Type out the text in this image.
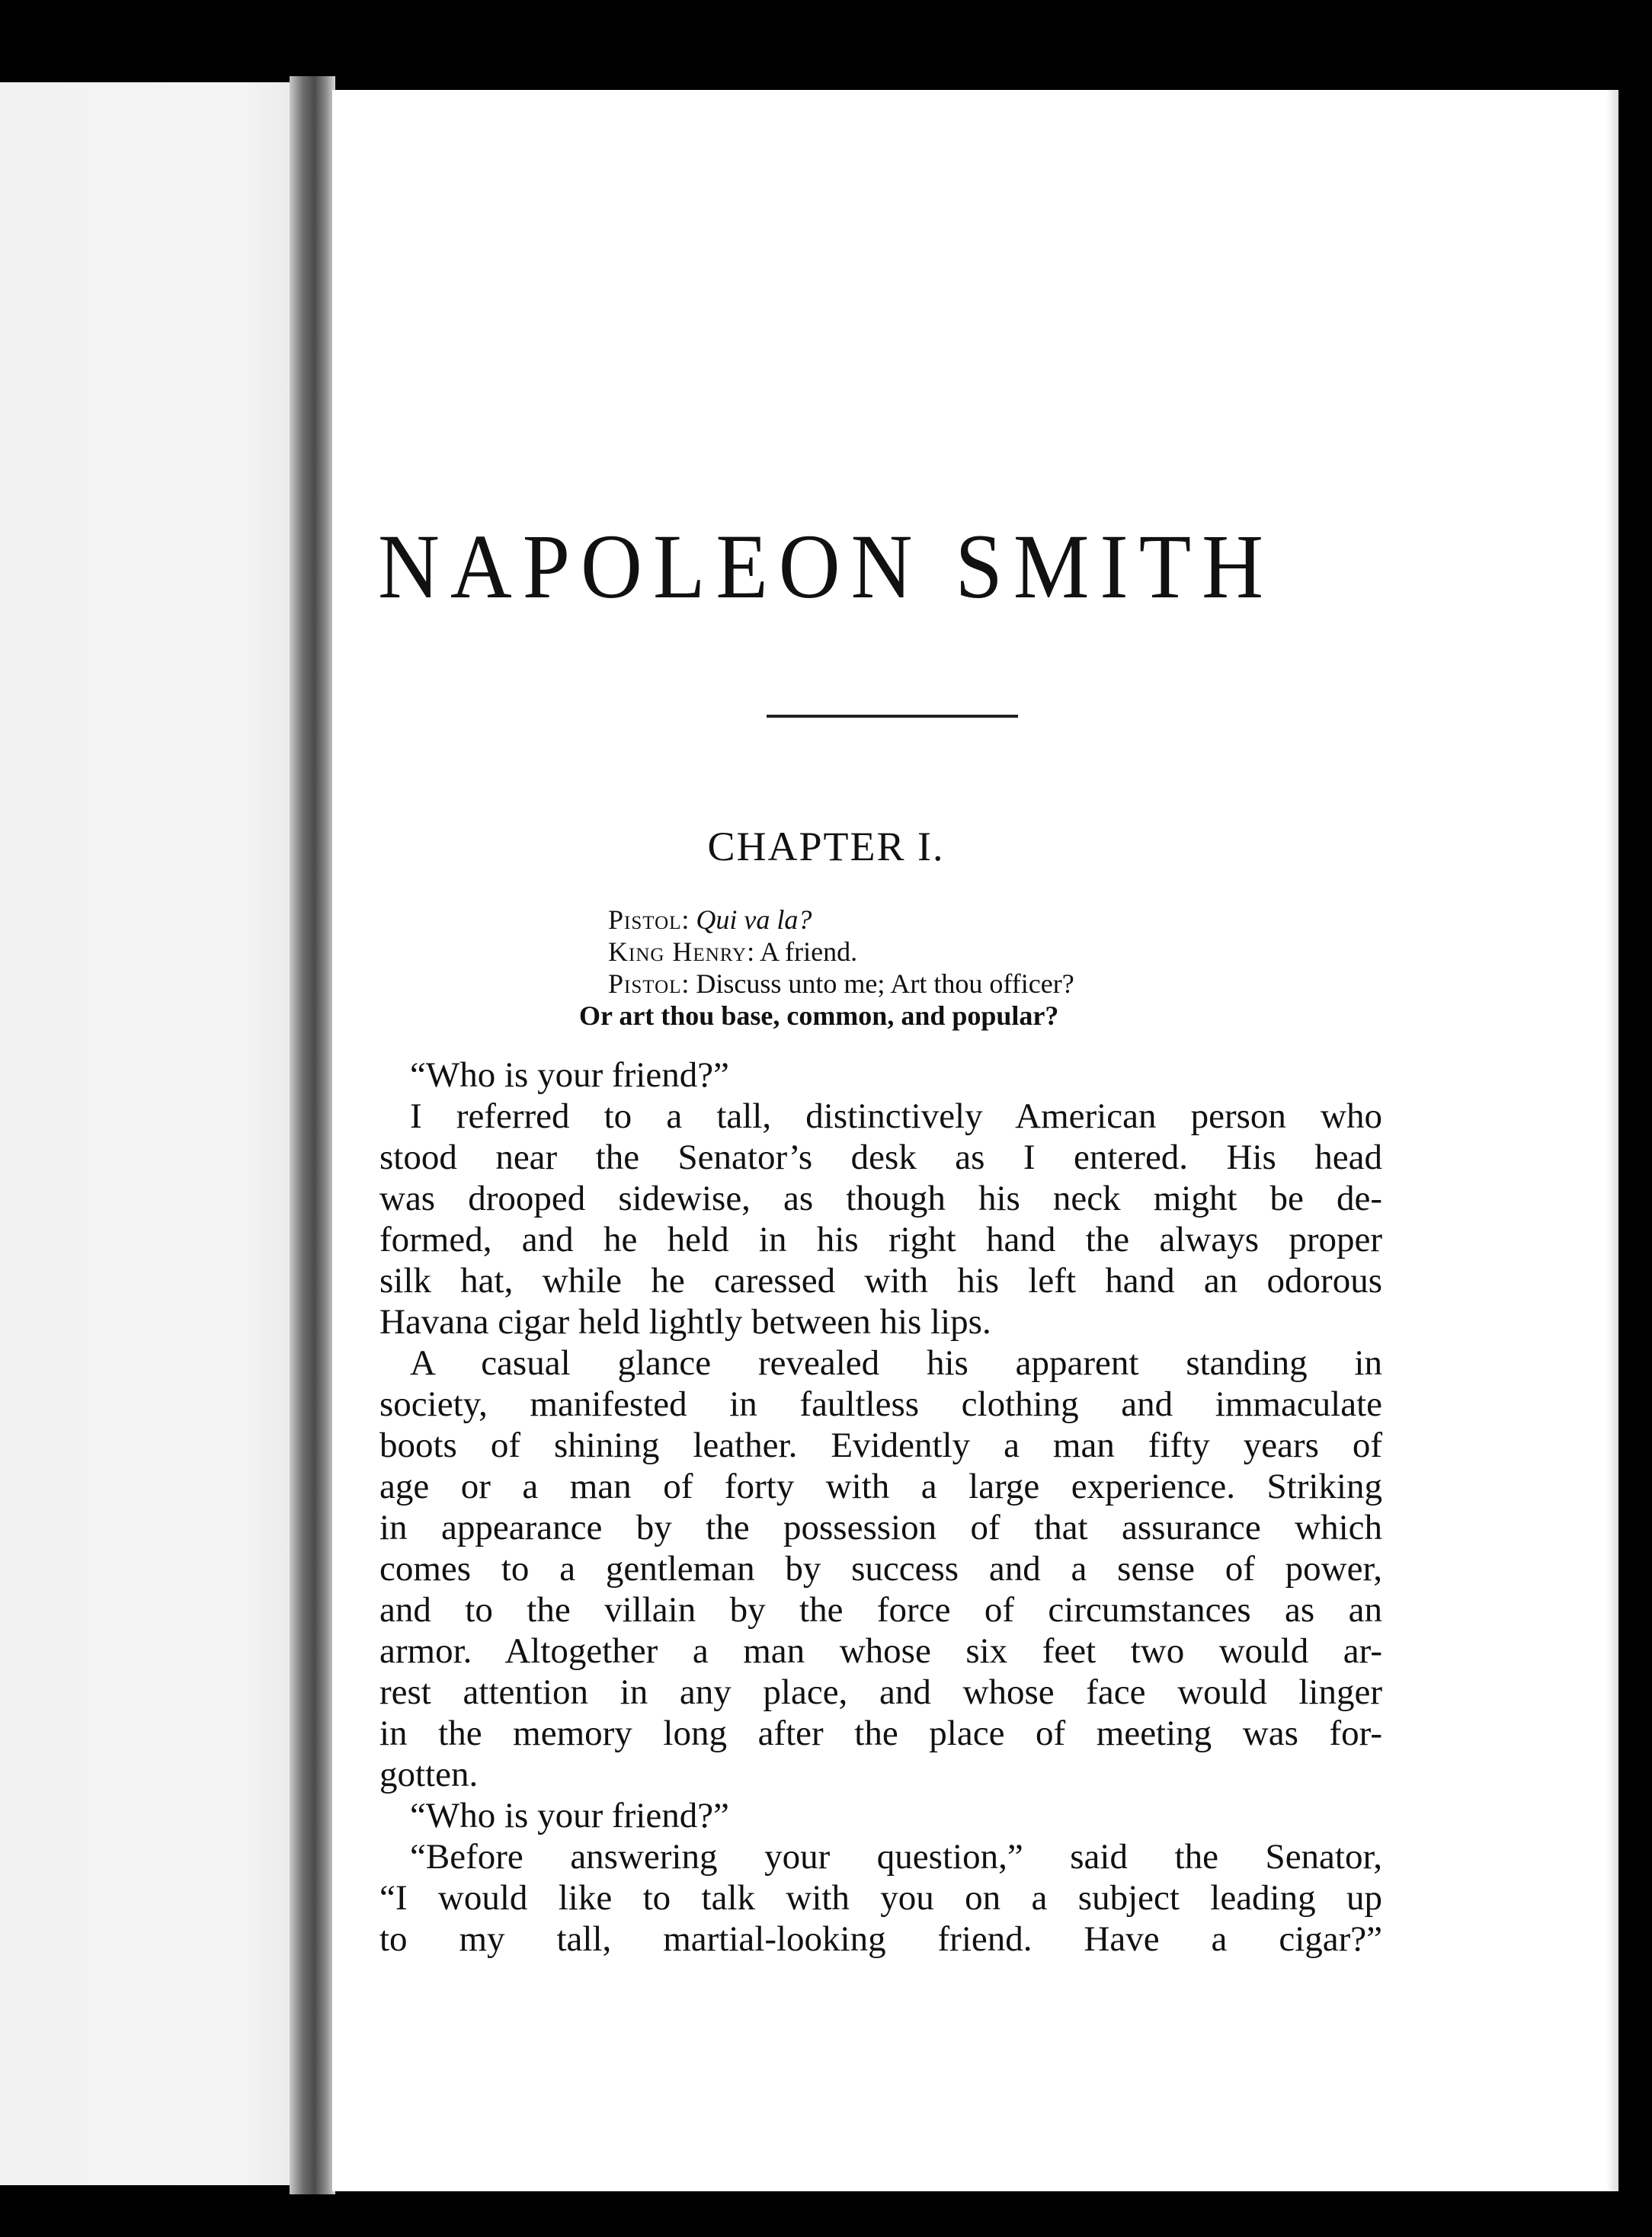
NAPOLEON SMITH
CHAPTER I.
Pistol: Qui va la?
King Henry: A friend.
Pistol: Discuss unto me; Art thou officer?
Or art thou base, common, and popular?
“Who is your friend?”
I referred to a tall, distinctively American person who
stood near the Senator’s desk as I entered. His head
was drooped sidewise, as though his neck might be de-
formed, and he held in his right hand the always proper
silk hat, while he caressed with his left hand an odorous
Havana cigar held lightly between his lips.
A casual glance revealed his apparent standing in
society, manifested in faultless clothing and immaculate
boots of shining leather. Evidently a man fifty years of
age or a man of forty with a large experience. Striking
in appearance by the possession of that assurance which
comes to a gentleman by success and a sense of power,
and to the villain by the force of circumstances as an
armor. Altogether a man whose six feet two would ar-
rest attention in any place, and whose face would linger
in the memory long after the place of meeting was for-
gotten.
“Who is your friend?”
“Before answering your question,” said the Senator,
“I would like to talk with you on a subject leading up
to my tall, martial-looking friend. Have a cigar?”
